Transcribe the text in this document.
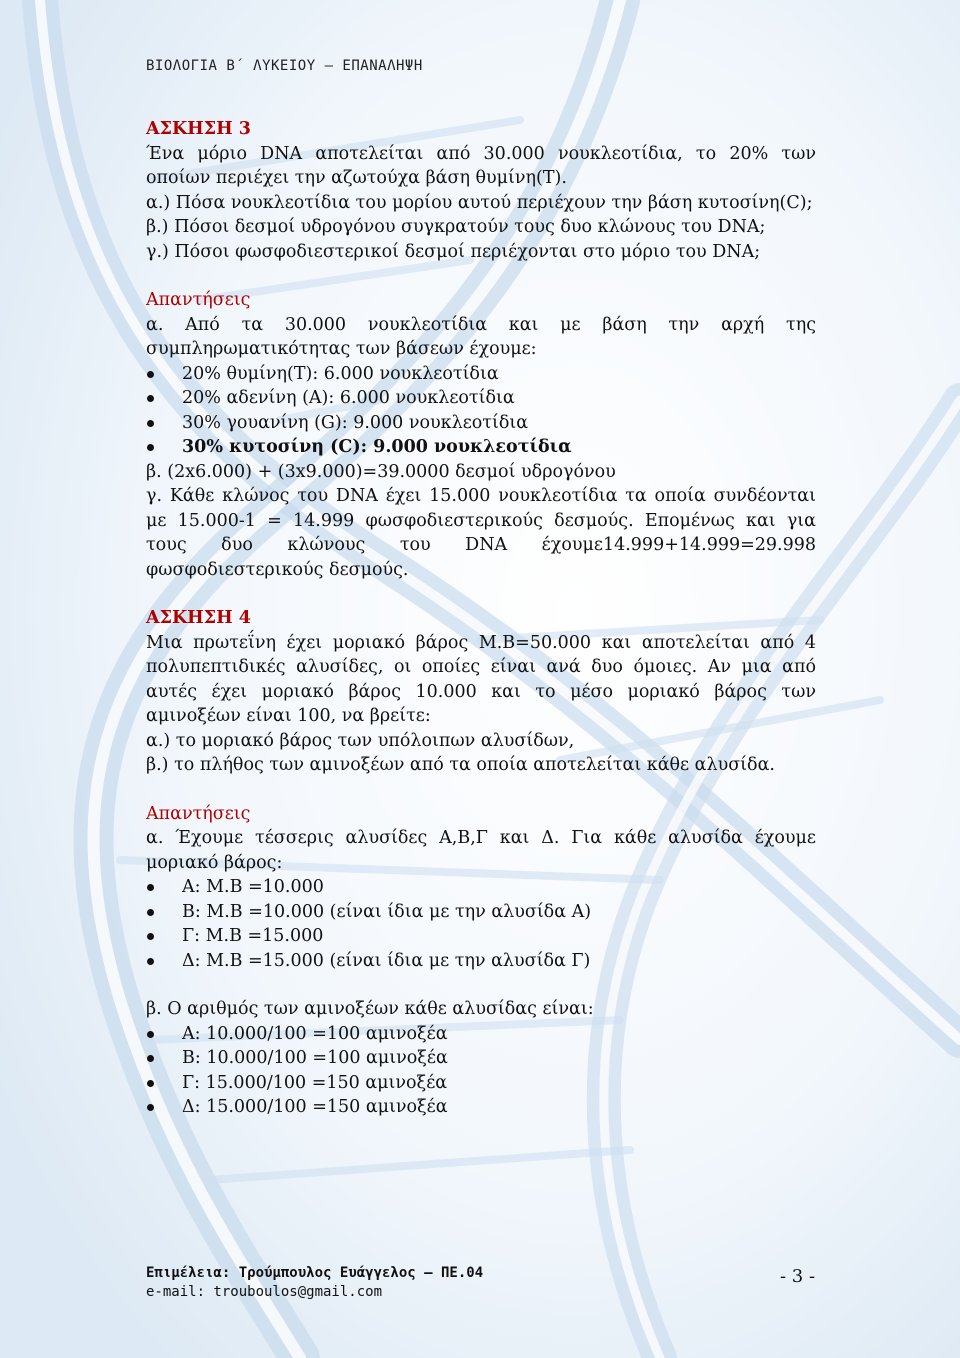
ΒΙΟΛΟΓΙΑ Β΄ ΛΥΚΕΙΟΥ – ΕΠΑΝΑΛΗΨΗ

ΑΣΚΗΣΗ 3

Ένα μόριο DNA αποτελείται από 30.000 νουκλεοτίδια, το 20% των οποίων περιέχει την αζωτούχα βάση θυμίνη(Τ).

α.) Πόσα νουκλεοτίδια του μορίου αυτού περιέχουν την βάση κυτοσίνη(C);

β.) Πόσοι δεσμοί υδρογόνου συγκρατούν τους δυο κλώνους του DNA;

γ.) Πόσοι φωσφοδιεστερικοί δεσμοί περιέχονται στο μόριο του DNA;

Απαντήσεις

α. Από τα 30.000 νουκλεοτίδια και με βάση την αρχή της συμπληρωματικότητας των βάσεων έχουμε:

20% θυμίνη(T): 6.000 νουκλεοτίδια
20% αδενίνη (Α): 6.000 νουκλεοτίδια
30% γουανίνη (G): 9.000 νουκλεοτίδια
30% κυτοσίνη (C): 9.000 νουκλεοτίδια

β. (2x6.000) + (3x9.000)=39.0000 δεσμοί υδρογόνου

γ. Κάθε κλώνος του DNA έχει 15.000 νουκλεοτίδια τα οποία συνδέονται με 15.000-1 = 14.999 φωσφοδιεστερικούς δεσμούς. Επομένως και για τους δυο κλώνους του DNA έχουμε14.999+14.999=29.998 φωσφοδιεστερικούς δεσμούς.

ΑΣΚΗΣΗ 4

Μια πρωτεΐνη έχει μοριακό βάρος Μ.Β=50.000 και αποτελείται από 4 πολυπεπτιδικές αλυσίδες, οι οποίες είναι ανά δυο όμοιες. Αν μια από αυτές έχει μοριακό βάρος 10.000 και το μέσο μοριακό βάρος των αμινοξέων είναι 100, να βρείτε:

α.) το μοριακό βάρος των υπόλοιπων αλυσίδων,

β.) το πλήθος των αμινοξέων από τα οποία αποτελείται κάθε αλυσίδα.

Απαντήσεις

α. Έχουμε τέσσερις αλυσίδες Α,Β,Γ και Δ. Για κάθε αλυσίδα έχουμε μοριακό βάρος:

Α: Μ.Β =10.000
Β: Μ.Β =10.000 (είναι ίδια με την αλυσίδα Α)
Γ: Μ.Β =15.000
Δ: Μ.Β =15.000 (είναι ίδια με την αλυσίδα Γ)

β. Ο αριθμός των αμινοξέων κάθε αλυσίδας είναι:

Α: 10.000/100 =100 αμινοξέα
Β: 10.000/100 =100 αμινοξέα
Γ: 15.000/100 =150 αμινοξέα
Δ: 15.000/100 =150 αμινοξέα
Επιμέλεια: Τρούμπουλος Ευάγγελος – ΠΕ.04
e-mail: trouboulos@gmail.com
- 3 -
